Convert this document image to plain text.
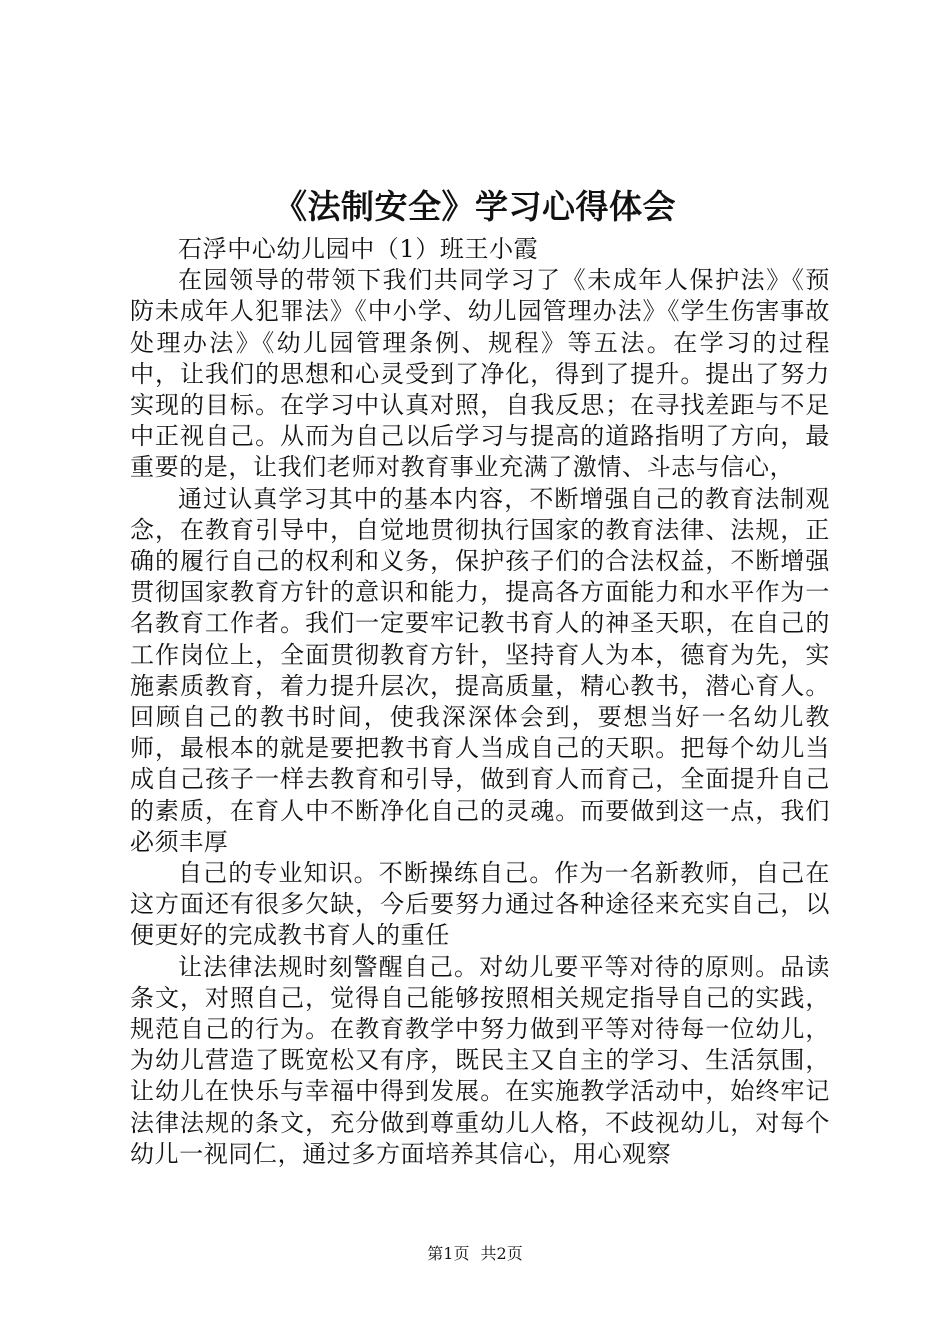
《法制安全》学习心得体会

石浮中心幼儿园中（1）班王小霞

在园领导的带领下我们共同学习了《未成年人保护法》《预防未成年人犯罪法》《中小学、幼儿园管理办法》《学生伤害事故处理办法》《幼儿园管理条例、规程》等五法。在学习的过程中，让我们的思想和心灵受到了净化，得到了提升。提出了努力实现的目标。在学习中认真对照，自我反思；在寻找差距与不足中正视自己。从而为自己以后学习与提高的道路指明了方向，最重要的是，让我们老师对教育事业充满了激情、斗志与信心，

通过认真学习其中的基本内容，不断增强自己的教育法制观念，在教育引导中，自觉地贯彻执行国家的教育法律、法规，正确的履行自己的权利和义务，保护孩子们的合法权益，不断增强贯彻国家教育方针的意识和能力，提高各方面能力和水平作为一名教育工作者。我们一定要牢记教书育人的神圣天职，在自己的工作岗位上，全面贯彻教育方针，坚持育人为本，德育为先，实施素质教育，着力提升层次，提高质量，精心教书，潜心育人。回顾自己的教书时间，使我深深体会到，要想当好一名幼儿教师，最根本的就是要把教书育人当成自己的天职。把每个幼儿当成自己孩子一样去教育和引导，做到育人而育己，全面提升自己的素质，在育人中不断净化自己的灵魂。而要做到这一点，我们必须丰厚

自己的专业知识。不断操练自己。作为一名新教师，自己在这方面还有很多欠缺，今后要努力通过各种途径来充实自己，以便更好的完成教书育人的重任

让法律法规时刻警醒自己。对幼儿要平等对待的原则。品读条文，对照自己，觉得自己能够按照相关规定指导自己的实践，规范自己的行为。在教育教学中努力做到平等对待每一位幼儿，为幼儿营造了既宽松又有序，既民主又自主的学习、生活氛围，让幼儿在快乐与幸福中得到发展。在实施教学活动中，始终牢记法律法规的条文，充分做到尊重幼儿人格，不歧视幼儿，对每个幼儿一视同仁，通过多方面培养其信心，用心观察

第1页 共2页
